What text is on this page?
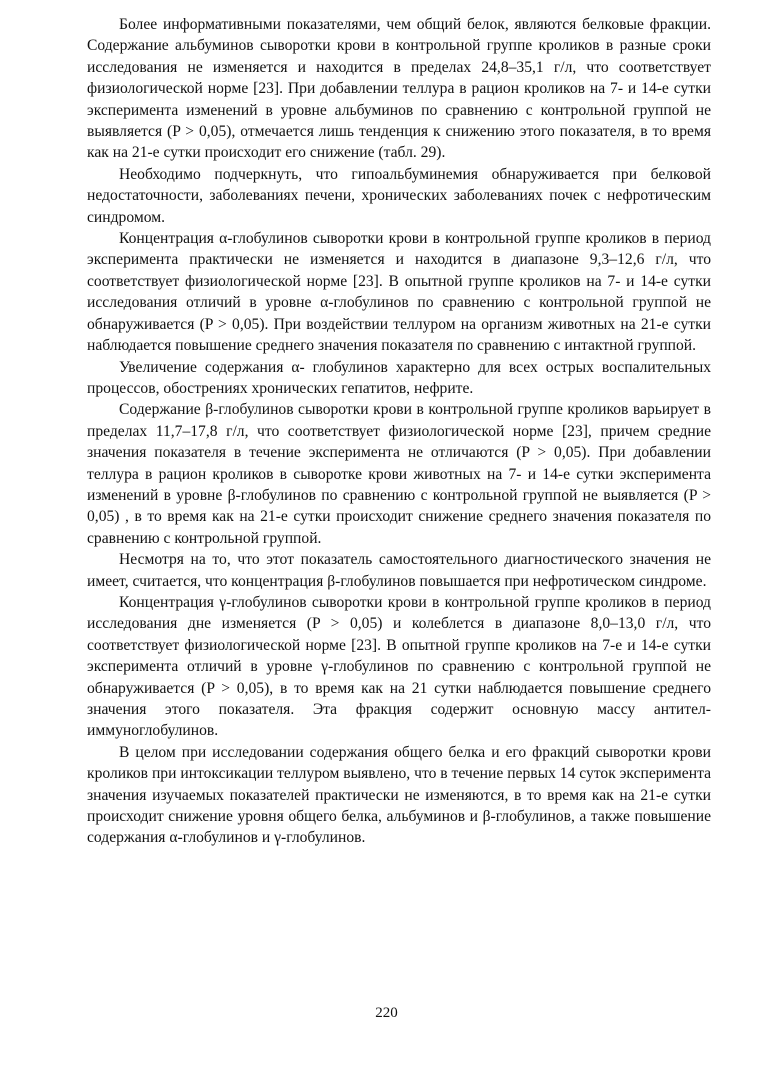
Более информативными показателями, чем общий белок, являются белковые фракции. Содержание альбуминов сыворотки крови в контрольной группе кроликов в разные сроки исследования не изменяется и находится в пределах 24,8–35,1 г/л, что соответствует физиологической норме [23]. При добавлении теллура в рацион кроликов на 7- и 14-е сутки эксперимента изменений в уровне альбуминов по сравнению с контрольной группой не выявляется (P > 0,05), отмечается лишь тенденция к снижению этого показателя, в то время как на 21-е сутки происходит его снижение (табл. 29).

Необходимо подчеркнуть, что гипоальбуминемия обнаруживается при белковой недостаточности, заболеваниях печени, хронических заболеваниях почек с нефротическим синдромом.

Концентрация α-глобулинов сыворотки крови в контрольной группе кроликов в период эксперимента практически не изменяется и находится в диапазоне 9,3–12,6 г/л, что соответствует физиологической норме [23]. В опытной группе кроликов на 7- и 14-е сутки исследования отличий в уровне α-глобулинов по сравнению с контрольной группой не обнаруживается (P > 0,05). При воздействии теллуром на организм животных на 21-е сутки наблюдается повышение среднего значения показателя по сравнению с интактной группой.

Увеличение содержания α- глобулинов характерно для всех острых воспалительных процессов, обострениях хронических гепатитов, нефрите.

Содержание β-глобулинов сыворотки крови в контрольной группе кроликов варьирует в пределах 11,7–17,8 г/л, что соответствует физиологической норме [23], причем средние значения показателя в течение эксперимента не отличаются (P > 0,05). При добавлении теллура в рацион кроликов в сыворотке крови животных на 7- и 14-е сутки эксперимента изменений в уровне β-глобулинов по сравнению с контрольной группой не выявляется (P > 0,05) , в то время как на 21-е сутки происходит снижение среднего значения показателя по сравнению с контрольной группой.

Несмотря на то, что этот показатель самостоятельного диагностического значения не имеет, считается, что концентрация β-глобулинов повышается при нефротическом синдроме.

Концентрация γ-глобулинов сыворотки крови в контрольной группе кроликов в период исследования дне изменяется (P > 0,05) и колеблется в диапазоне 8,0–13,0 г/л, что соответствует физиологической норме [23]. В опытной группе кроликов на 7-е и 14-е сутки эксперимента отличий в уровне γ-глобулинов по сравнению с контрольной группой не обнаруживается (P > 0,05), в то время как на 21 сутки наблюдается повышение среднего значения этого показателя. Эта фракция содержит основную массу антител-иммуноглобулинов.

В целом при исследовании содержания общего белка и его фракций сыворотки крови кроликов при интоксикации теллуром выявлено, что в течение первых 14 суток эксперимента значения изучаемых показателей практически не изменяются, в то время как на 21-е сутки происходит снижение уровня общего белка, альбуминов и β-глобулинов, а также повышение содержания α-глобулинов и γ-глобулинов.

220
